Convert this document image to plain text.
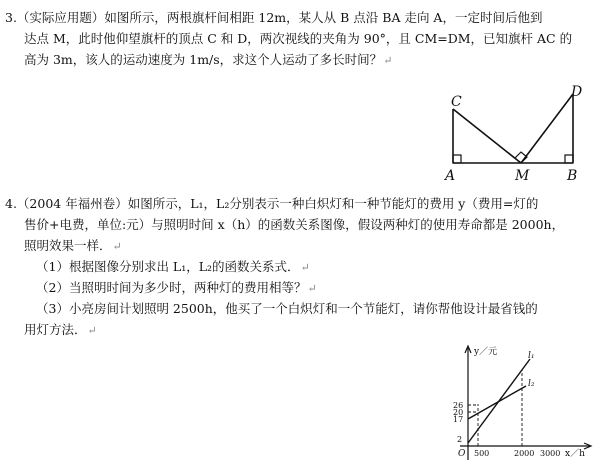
3.（实际应用题）如图所示，两根旗杆间相距 12m，某人从 B 点沿 BA 走向 A，一定时间后他到
达点 M，此时他仰望旗杆的顶点 C 和 D，两次视线的夹角为 90°，且 CM=DM，已知旗杆 AC 的
高为 3m，该人的运动速度为 1m/s，求这个人运动了多长时间？↵
C
D
A	M	B
4.（2004 年福州卷）如图所示，L₁，L₂分别表示一种白炽灯和一种节能灯的费用 y（费用=灯的
售价+电费，单位:元）与照明时间 x（h）的函数关系图像，假设两种灯的使用寿命都是 2000h，
照明效果一样．↵
（1）根据图像分别求出 L₁，L₂的函数关系式．↵
（2）当照明时间为多少时，两种灯的费用相等？↵
（3）小亮房间计划照明 2500h，他买了一个白炽灯和一个节能灯，请你帮他设计最省钱的
用灯方法．↵
y／元
x／h
O
26
20
17
2
500	2000 3000
l₁
l₂
